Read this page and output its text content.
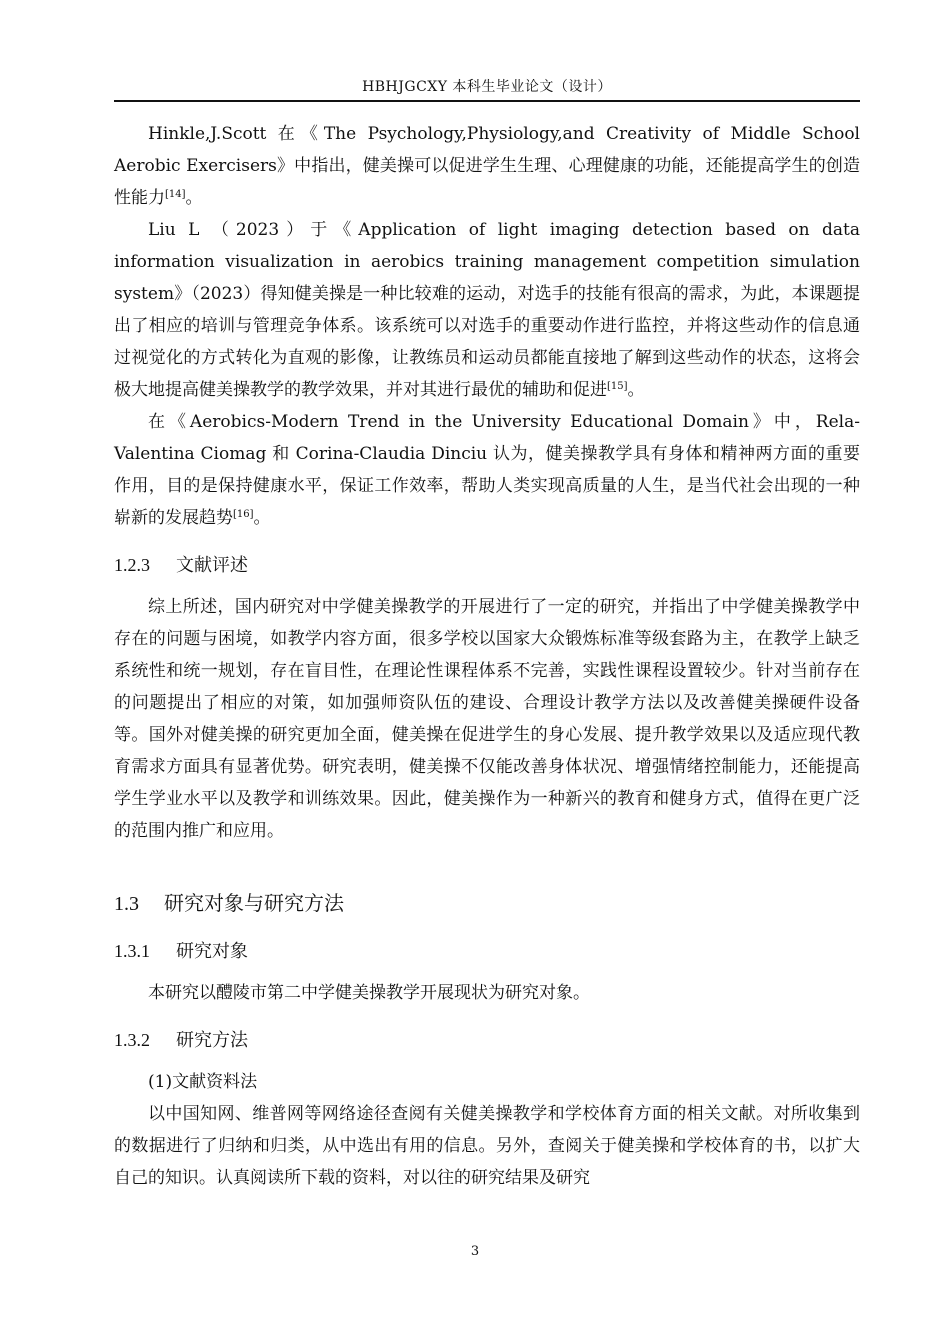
HBHJGCXY 本科生毕业论文（设计）

Hinkle,J.Scott 在《The Psychology,Physiology,and Creativity of Middle School Aerobic Exercisers》中指出，健美操可以促进学生生理、心理健康的功能，还能提高学生的创造性能力[14]。

Liu L （2023）于《Application of light imaging detection based on data information visualization in aerobics training management competition simulation system》（2023）得知健美操是一种比较难的运动，对选手的技能有很高的需求，为此，本课题提出了相应的培训与管理竞争体系。该系统可以对选手的重要动作进行监控，并将这些动作的信息通过视觉化的方式转化为直观的影像，让教练员和运动员都能直接地了解到这些动作的状态，这将会极大地提高健美操教学的教学效果，并对其进行最优的辅助和促进[15]。

在《Aerobics-Modern Trend in the University Educational Domain》中，Rela-Valentina Ciomag 和 Corina-Claudia Dinciu 认为，健美操教学具有身体和精神两方面的重要作用，目的是保持健康水平，保证工作效率，帮助人类实现高质量的人生，是当代社会出现的一种崭新的发展趋势[16]。

1.2.3 文献评述

综上所述，国内研究对中学健美操教学的开展进行了一定的研究，并指出了中学健美操教学中存在的问题与困境，如教学内容方面，很多学校以国家大众锻炼标准等级套路为主，在教学上缺乏系统性和统一规划，存在盲目性，在理论性课程体系不完善，实践性课程设置较少。针对当前存在的问题提出了相应的对策，如加强师资队伍的建设、合理设计教学方法以及改善健美操硬件设备等。国外对健美操的研究更加全面，健美操在促进学生的身心发展、提升教学效果以及适应现代教育需求方面具有显著优势。研究表明，健美操不仅能改善身体状况、增强情绪控制能力，还能提高学生学业水平以及教学和训练效果。因此，健美操作为一种新兴的教育和健身方式，值得在更广泛的范围内推广和应用。

1.3 研究对象与研究方法
1.3.1 研究对象

本研究以醴陵市第二中学健美操教学开展现状为研究对象。

1.3.2 研究方法

(1)文献资料法

以中国知网、维普网等网络途径查阅有关健美操教学和学校体育方面的相关文献。对所收集到的数据进行了归纳和归类，从中选出有用的信息。另外，查阅关于健美操和学校体育的书，以扩大自己的知识。认真阅读所下载的资料，对以往的研究结果及研究

3
